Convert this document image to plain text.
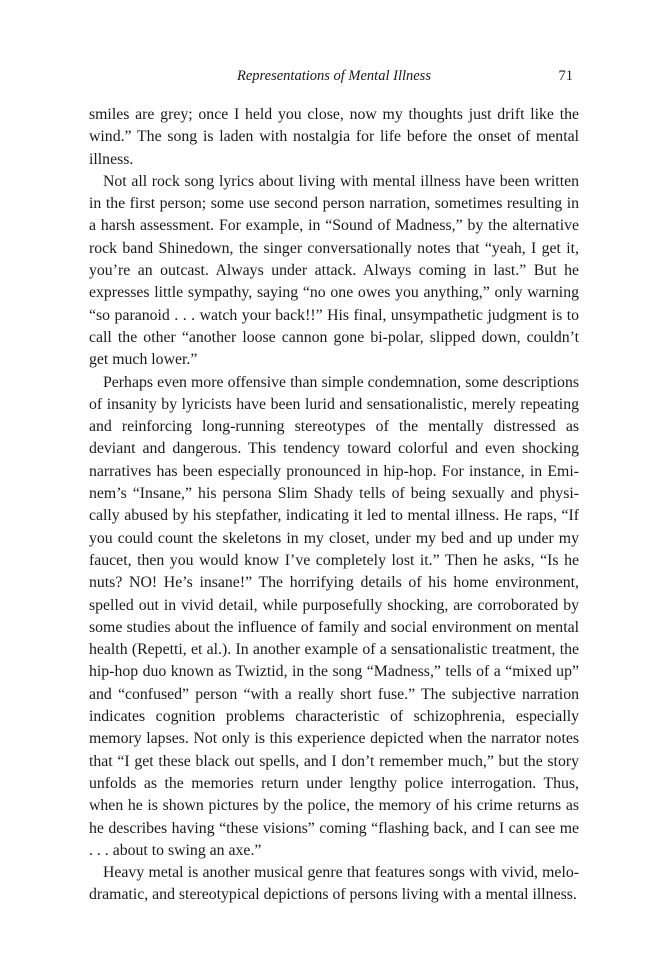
Representations of Mental Illness	71

smiles are grey; once I held you close, now my thoughts just drift like the wind.” The song is laden with nostalgia for life before the onset of mental illness.

Not all rock song lyrics about living with mental illness have been written in the first person; some use second person narration, sometimes resulting in a harsh assessment. For example, in “Sound of Madness,” by the alternative rock band Shinedown, the singer conversationally notes that “yeah, I get it, you’re an outcast. Always under attack. Always coming in last.” But he expresses little sympathy, saying “no one owes you anything,” only warning “so paranoid . . . watch your back!!” His final, unsympathetic judgment is to call the other “another loose cannon gone bi-polar, slipped down, couldn’t get much lower.”

Perhaps even more offensive than simple condemnation, some descriptions of insanity by lyricists have been lurid and sensationalistic, merely repeating and reinforcing long-running stereotypes of the mentally distressed as deviant and dangerous. This tendency toward colorful and even shocking narratives has been especially pronounced in hip-hop. For instance, in Eminem’s “Insane,” his persona Slim Shady tells of being sexually and physically abused by his stepfather, indicating it led to mental illness. He raps, “If you could count the skeletons in my closet, under my bed and up under my faucet, then you would know I’ve completely lost it.” Then he asks, “Is he nuts? NO! He’s insane!” The horrifying details of his home environment, spelled out in vivid detail, while purposefully shocking, are corroborated by some studies about the influence of family and social environment on mental health (Repetti, et al.). In another example of a sensationalistic treatment, the hip-hop duo known as Twiztid, in the song “Madness,” tells of a “mixed up” and “confused” person “with a really short fuse.” The subjective narration indicates cognition problems characteristic of schizophrenia, especially memory lapses. Not only is this experience depicted when the narrator notes that “I get these black out spells, and I don’t remember much,” but the story unfolds as the memories return under lengthy police interrogation. Thus, when he is shown pictures by the police, the memory of his crime returns as he describes having “these visions” coming “flashing back, and I can see me . . . about to swing an axe.”

Heavy metal is another musical genre that features songs with vivid, melodramatic, and stereotypical depictions of persons living with a mental illness.
